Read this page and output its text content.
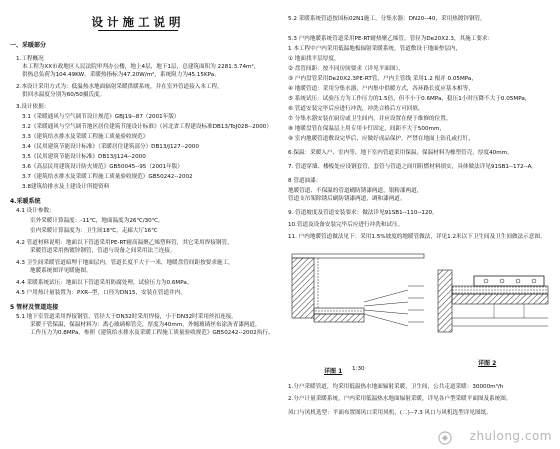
设计施工说明
一、采暖部分
1.工程概况
本工程为XX市政地区人民法院审判办公楼，地上4层，地下1层，总建筑面积为 2281.3.74m²，
供热总负荷为104.49KW，采暖热指标为47.20W/m²，系统阻力为45.15KPa。
2.本设计采用方式为：低温热水地面辐射采暖供暖系统，并在室外管道接入本工程，
供回水温度分别为60/50摄氏度。
3.设计依据：
3.1《采暖通风与空气调节设计规范》GBJ19--87（2001年版）
3.2《采暖通风与空气调节地区居住建筑节能设计标准》（河北省工程建设标准DB13/ToJ028--2000）
3.3《建筑给水排水及采暖工程施工质量验收规范》
3.4《民用建筑节能设计标准》（采暖居住建筑部分）DB13/J127--2000
3.5《民用建筑节能设计标准》DB13/J124--2000
3.6《高层民用建筑设计防火规范》GB50045--95（2001年版）
3.7《建筑给水排水及采暖工程施工质量验收规范》GB50242--2002
3.8建筑给排水及土建设计所提资料
4.采暖系统
4.1 设计参数：
室外采暖计算温度：-11℃，地面温度为26℃/30℃，
室内采暖计算温度为：卫生间18℃，走廊大厅16℃
4.2 管道材料说明：地面以下管道采用PE-RT耐高温聚乙烯塑料管，其它采用焊接钢管，
采暖管道采用热镀锌钢管，管道与设备之间采用法兰连接。
4.3 卫生间采暖管道暗埋于地面层内，管道长度不大于一米，地暖盘管间距按要求施工，
地暖系统图详见暖施图。
4.4 采暖系统试压：地面以下管道采用防腐处理，试验压力为0.6MPa。
4.5 户用热计量装置为：PXR--型，口径为DN15，安装在管道井内。
5 管材及管道连接
5.1 地下室管道采用焊接钢管，管径大于DN32时采用焊接，小于DN32时采用丝扣连接。
采暖干管保温，保温材料为：离心玻璃棉管壳，厚度为40mm，外缠玻璃丝布涂沥青漆两道，
工作压力为0.8MPa，参照《建筑给水排水及采暖工程施工质量验收规范》GB50242--2002执行。
5.2 采暖系统管道按国标02N1施工，分集水器：DN20--40，采用热镀锌钢管。
5.3 户内地暖系统管道采用PE-RT耐热聚乙烯管，管径为De20X2.3，其施工要求：
1 本工程中户内采用低温地板辐射采暖系统，管道敷设于地面垫层内，
① 地面找平层厚度，
② 盘管间距：按不同房间要求（详见平面图），
③ 户内盘管采用De20X2.3PE-RT管，户内主管线 采用1.2 根并 0.05MPa，
④ 地暖管道：采用分集水器，户内集中供暖方式，各环路长度应基本相等，
⑤ 系统试压：试验压力为工作压力的1.5倍，但不小于0.6MPa，稳压1小时压降不大于0.05MPa，
⑥ 管道安装完毕后应进行冲洗，冲洗合格后方可回填，
⑦ 分集水器安装在厨房或卫生间内，并应设置在便于维修的位置，
⑧ 地暖盘管在保温层上用专用卡钉固定，间距不大于500mm，
⑨ 室内地暖管道敷设完毕后，应做好成品保护，严禁在地面上钻孔或打钉，
6.保温：采暖入户、室内等，地下室内管道采用保温，保温材料为橡塑管壳，厚度40mm。
7. 管道穿墙、楼板处应设钢套管，套管与管道之间用阻燃材料填实，具体做法详见91SB1--172--A。
8 管道油漆：
地暖管道、不保温的管道刷防锈漆两道，银粉漆两道，
管道支吊架除锈后刷防锈漆两道，调和漆两道。
9. 管道坡度及管道安装要求：做法详见91SB1--110--120。
10.管道及设备安装完毕后应进行冲洗和试压。
11. 户内地暖管道做法见下：采用1.5%坡度的地暖管做法，详见1.2米以下卫生间及卫生间做法示意图。
详图 1 1:30
详图 2
1.分户采暖管道，均采用低温热水地面辐射采暖，卫生间，公共走道采暖：30000m³/h
2.分户计量采暖系统，户内采用低温热水地面辐射采暖，详见各户型采暖平面图及系统图。
风口与风机选型：平面布置图风口采用风机，(二)--7.3 风口与风机选型详见图纸。
zhulong.com
